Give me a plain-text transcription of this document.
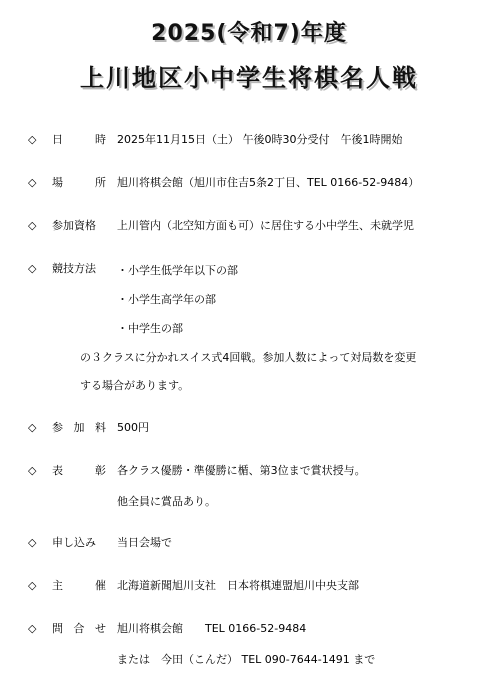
2025(令和7)年度
上川地区小中学生将棋名人戦
◇ 日	時 2025年11月15日（土） 午後0時30分受付　午後1時開始
◇ 場	所 旭川将棋会館（旭川市住吉5条2丁目、TEL 0166-52-9484）
◇ 参加資格 上川管内（北空知方面も可）に居住する小中学生、未就学児
◇ 競技方法 ・小学生低学年以下の部
・小学生高学年の部
・中学生の部
の３クラスに分かれスイス式4回戦。参加人数によって対局数を変更
する場合があります。
◇ 参 加 料 500円
◇ 表	彰 各クラス優勝・準優勝に楯、第3位まで賞状授与。
他全員に賞品あり。
◇ 申し込み 当日会場で
◇ 主	催 北海道新聞旭川支社　日本将棋連盟旭川中央支部
◇ 問 合 せ 旭川将棋会館　　TEL 0166-52-9484
または　今田（こんだ） TEL 090-7644-1491 まで
